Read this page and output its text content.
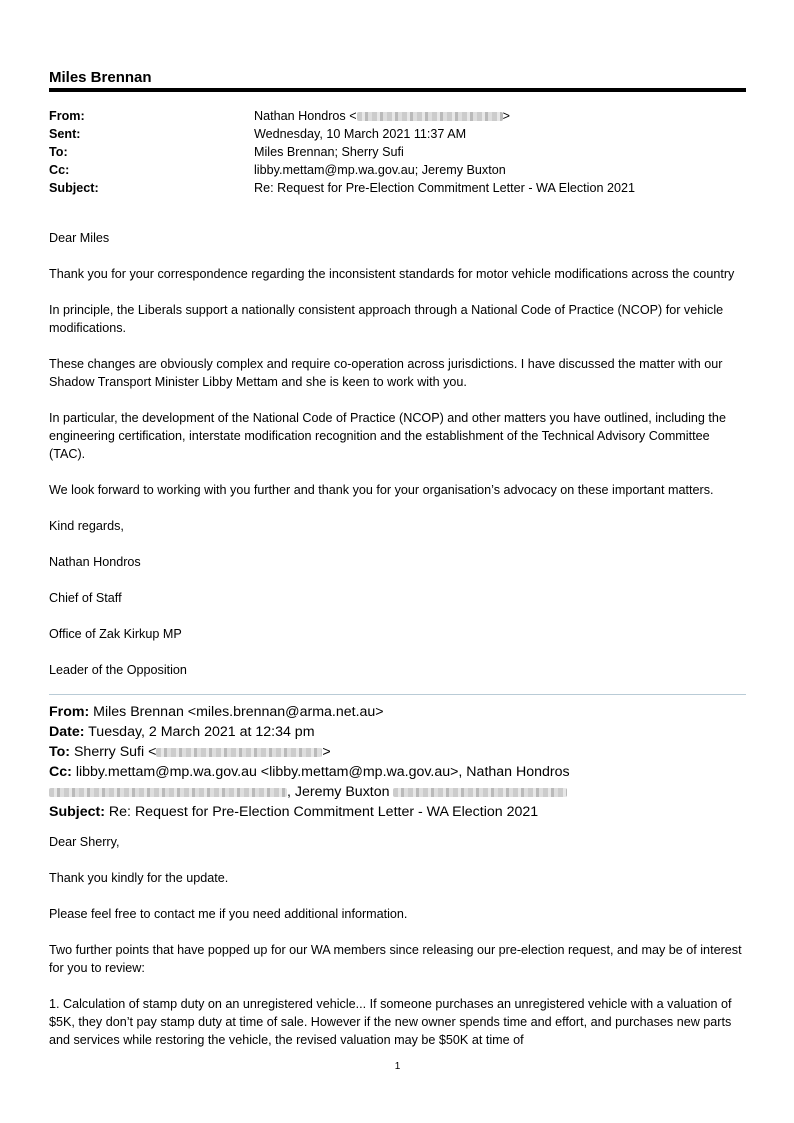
Miles Brennan
From:	Nathan Hondros <	>
Sent:	Wednesday, 10 March 2021 11:37 AM
To:	Miles Brennan; Sherry Sufi
Cc:	libby.mettam@mp.wa.gov.au; Jeremy Buxton
Subject:	Re: Request for Pre-Election Commitment Letter - WA Election 2021

Dear Miles

Thank you for your correspondence regarding the inconsistent standards for motor vehicle modifications across the country

In principle, the Liberals support a nationally consistent approach through a National Code of Practice (NCOP) for vehicle modifications.

These changes are obviously complex and require co-operation across jurisdictions. I have discussed the matter with our Shadow Transport Minister Libby Mettam and she is keen to work with you.

In particular, the development of the National Code of Practice (NCOP) and other matters you have outlined, including the engineering certification, interstate modification recognition and the establishment of the Technical Advisory Committee (TAC).

We look forward to working with you further and thank you for your organisation’s advocacy on these important matters.

Kind regards,

Nathan Hondros

Chief of Staff

Office of Zak Kirkup MP

Leader of the Opposition

From: Miles Brennan <miles.brennan@arma.net.au>
Date: Tuesday, 2 March 2021 at 12:34 pm
To: Sherry Sufi <	>
Cc: libby.mettam@mp.wa.gov.au <libby.mettam@mp.wa.gov.au>, Nathan Hondros
, Jeremy Buxton
Subject: Re: Request for Pre-Election Commitment Letter - WA Election 2021

Dear Sherry,

Thank you kindly for the update.

Please feel free to contact me if you need additional information.

Two further points that have popped up for our WA members since releasing our pre-election request, and may be of interest for you to review:

1. Calculation of stamp duty on an unregistered vehicle... If someone purchases an unregistered vehicle with a valuation of $5K, they don’t pay stamp duty at time of sale. However if the new owner spends time and effort, and purchases new parts and services while restoring the vehicle, the revised valuation may be $50K at time of

1
